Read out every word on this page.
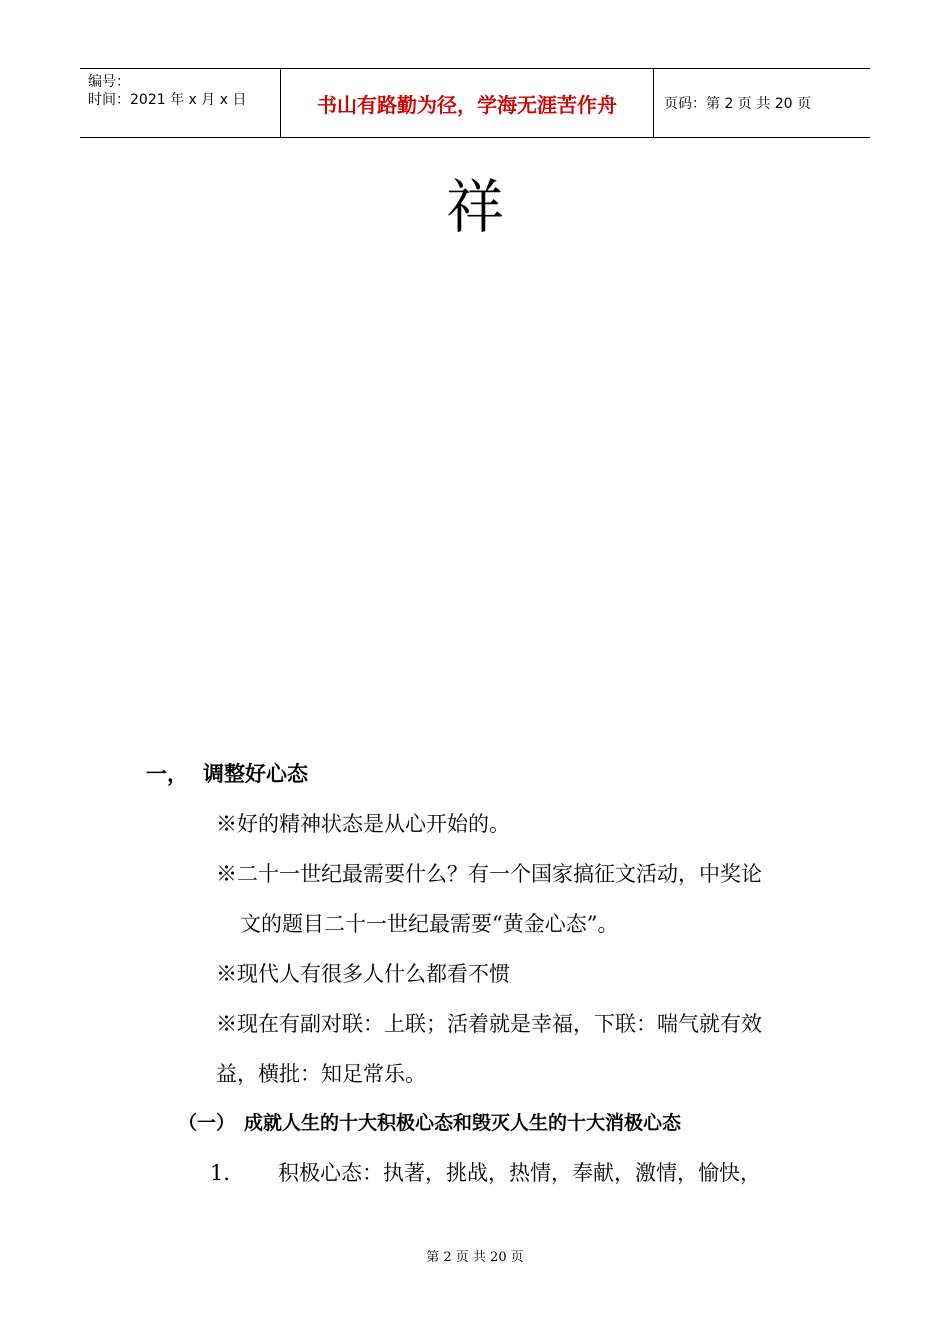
编号：
时间：2021 年 x 月 x 日	书山有路勤为径，学海无涯苦作舟	页码：第 2 页 共 20 页
祥
一， 调整好心态
※好的精神状态是从心开始的。
※二十一世纪最需要什么？有一个国家搞征文活动，中奖论
文的题目二十一世纪最需要“黄金心态”。
※现代人有很多人什么都看不惯
※现在有副对联：上联；活着就是幸福，下联：喘气就有效
益，横批：知足常乐。
（一） 成就人生的十大积极心态和毁灭人生的十大消极心态
1． 积极心态：执著，挑战，热情，奉献，激情，愉快，
第 2 页 共 20 页
